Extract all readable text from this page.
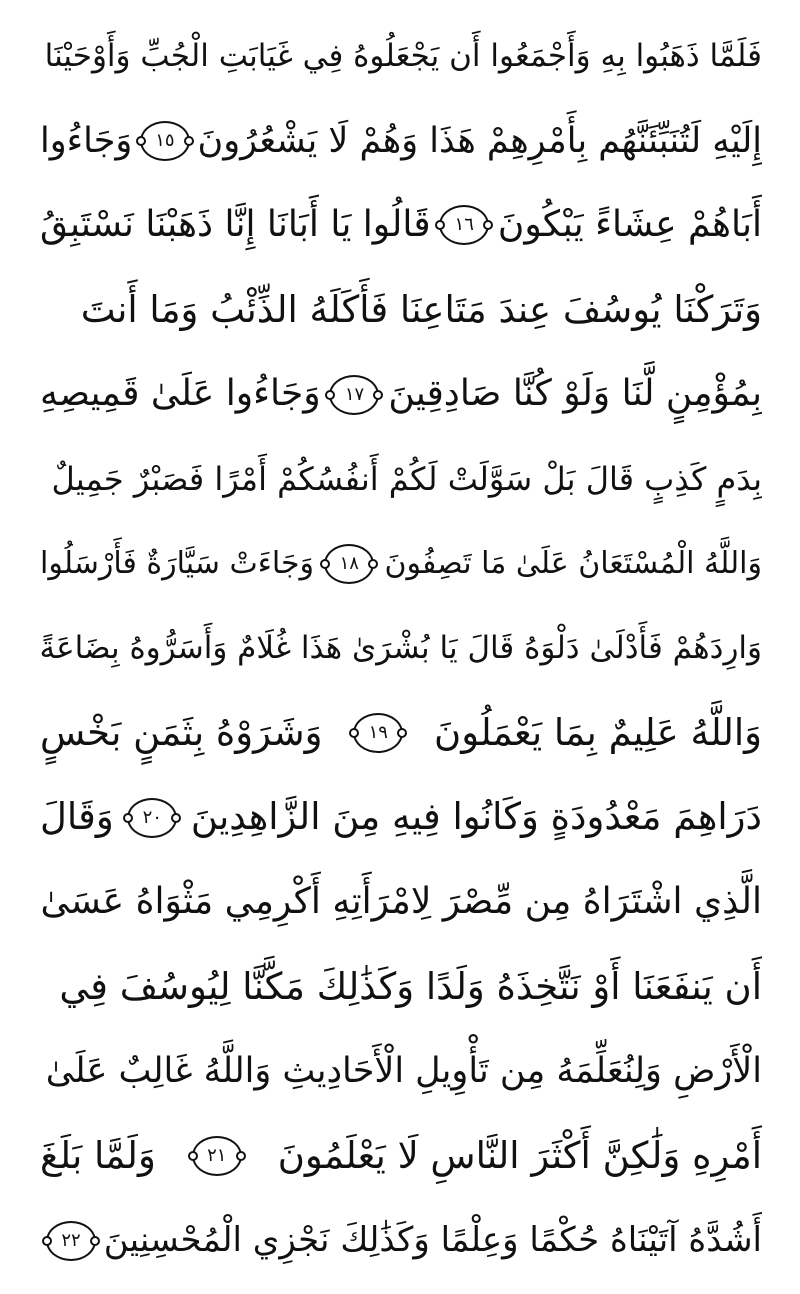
فَلَمَّا ذَهَبُوا بِهِ وَأَجْمَعُوا أَن يَجْعَلُوهُ فِي غَيَابَتِ الْجُبِّ وَأَوْحَيْنَا
إِلَيْهِ لَتُنَبِّئَنَّهُم بِأَمْرِهِمْ هَذَا وَهُمْ لَا يَشْعُرُونَ
١٥
وَجَاءُوا
أَبَاهُمْ عِشَاءً يَبْكُونَ
١٦
قَالُوا يَا أَبَانَا إِنَّا ذَهَبْنَا نَسْتَبِقُ
وَتَرَكْنَا يُوسُفَ عِندَ مَتَاعِنَا فَأَكَلَهُ الذِّئْبُ وَمَا أَنتَ
بِمُؤْمِنٍ لَّنَا وَلَوْ كُنَّا صَادِقِينَ
١٧
وَجَاءُوا عَلَىٰ قَمِيصِهِ
بِدَمٍ كَذِبٍ قَالَ بَلْ سَوَّلَتْ لَكُمْ أَنفُسُكُمْ أَمْرًا فَصَبْرٌ جَمِيلٌ
وَاللَّهُ الْمُسْتَعَانُ عَلَىٰ مَا تَصِفُونَ
١٨
وَجَاءَتْ سَيَّارَةٌ فَأَرْسَلُوا
وَارِدَهُمْ فَأَدْلَىٰ دَلْوَهُ قَالَ يَا بُشْرَىٰ هَذَا غُلَامٌ وَأَسَرُّوهُ بِضَاعَةً
وَاللَّهُ عَلِيمٌ بِمَا يَعْمَلُونَ
١٩
وَشَرَوْهُ بِثَمَنٍ بَخْسٍ
دَرَاهِمَ مَعْدُودَةٍ وَكَانُوا فِيهِ مِنَ الزَّاهِدِينَ
٢٠
وَقَالَ
الَّذِي اشْتَرَاهُ مِن مِّصْرَ لِامْرَأَتِهِ أَكْرِمِي مَثْوَاهُ عَسَىٰ
أَن يَنفَعَنَا أَوْ نَتَّخِذَهُ وَلَدًا وَكَذَٰلِكَ مَكَّنَّا لِيُوسُفَ فِي
الْأَرْضِ وَلِنُعَلِّمَهُ مِن تَأْوِيلِ الْأَحَادِيثِ وَاللَّهُ غَالِبٌ عَلَىٰ
أَمْرِهِ وَلَٰكِنَّ أَكْثَرَ النَّاسِ لَا يَعْلَمُونَ
٢١
وَلَمَّا بَلَغَ
أَشُدَّهُ آتَيْنَاهُ حُكْمًا وَعِلْمًا وَكَذَٰلِكَ نَجْزِي الْمُحْسِنِينَ
٢٢
